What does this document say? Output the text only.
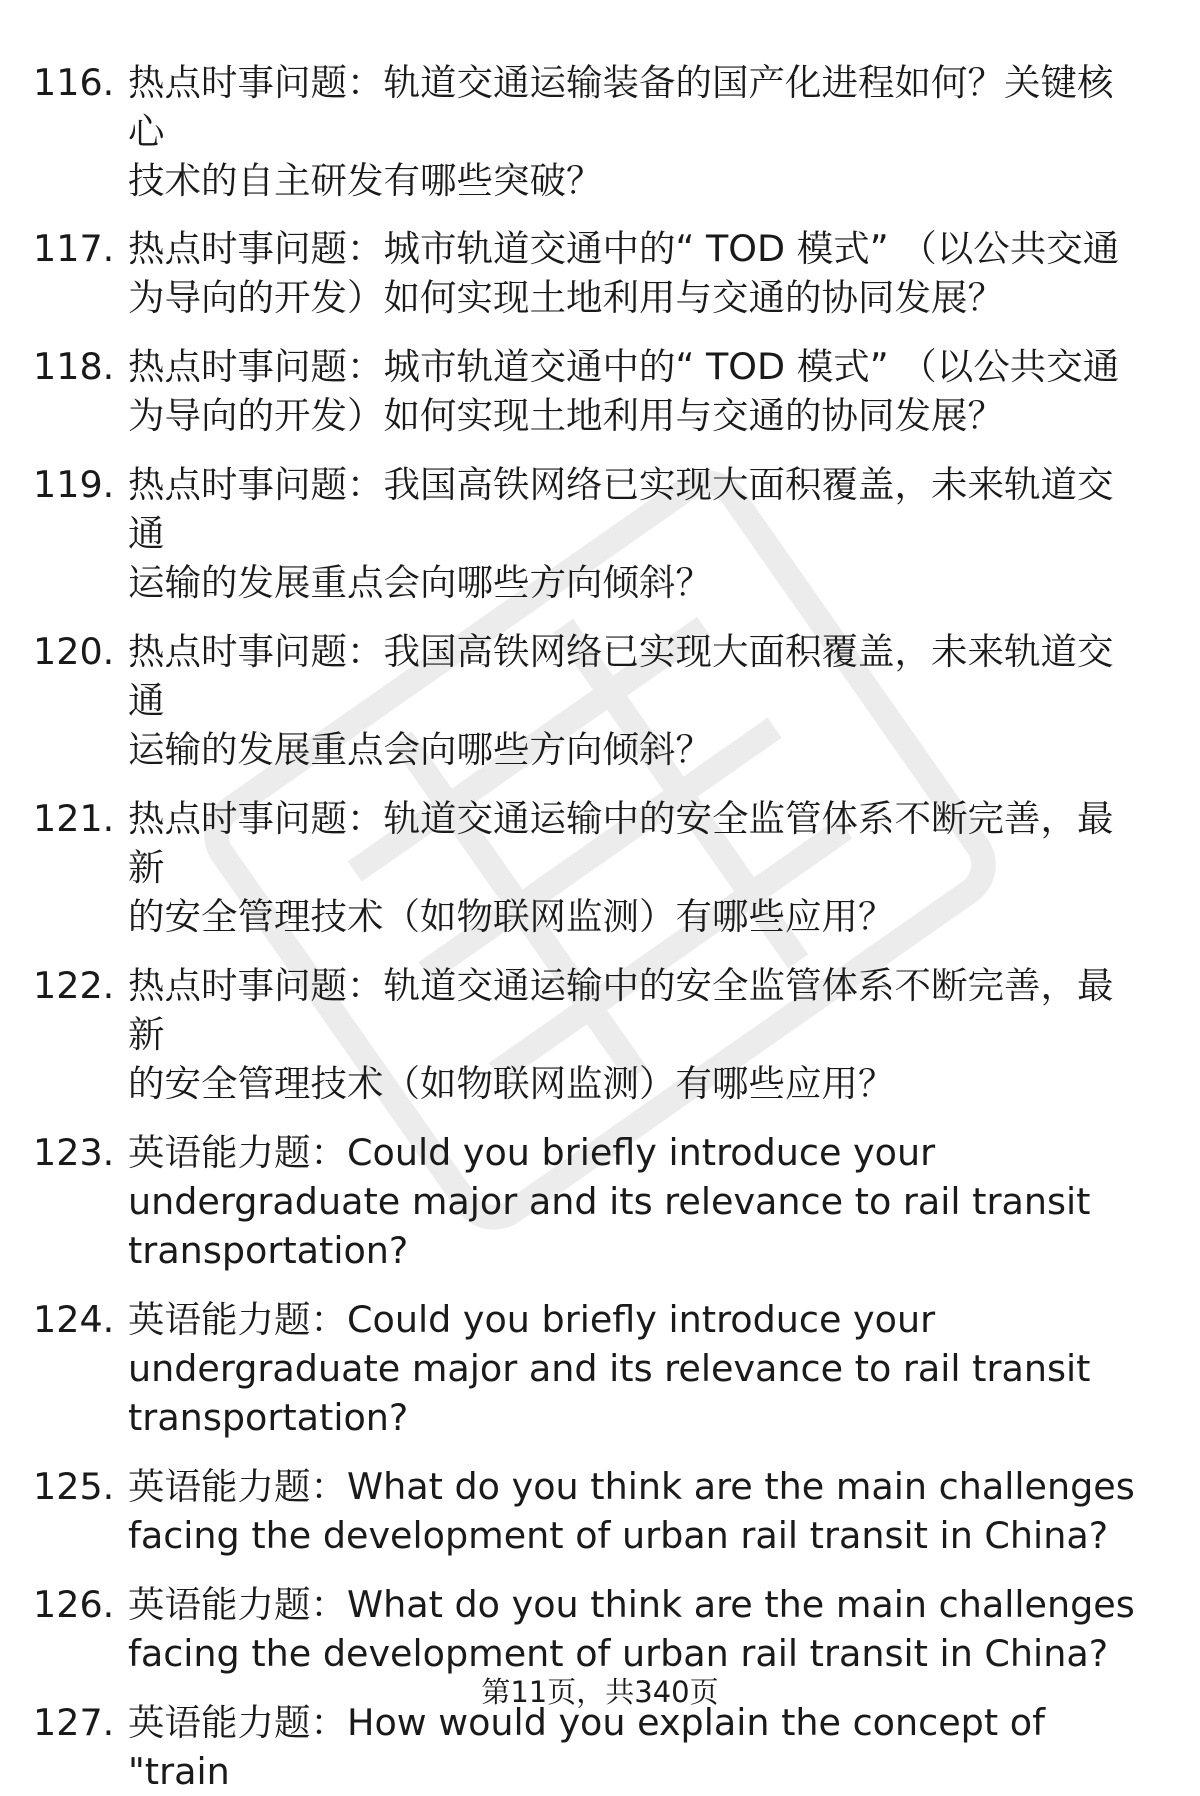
116. 热点时事问题：轨道交通运输装备的国产化进程如何？关键核心
技术的自主研发有哪些突破？
117. 热点时事问题：城市轨道交通中的“ TOD 模式” （以公共交通
为导向的开发）如何实现土地利用与交通的协同发展？
118. 热点时事问题：城市轨道交通中的“ TOD 模式” （以公共交通
为导向的开发）如何实现土地利用与交通的协同发展？
119. 热点时事问题：我国高铁网络已实现大面积覆盖，未来轨道交通
运输的发展重点会向哪些方向倾斜？
120. 热点时事问题：我国高铁网络已实现大面积覆盖，未来轨道交通
运输的发展重点会向哪些方向倾斜？
121. 热点时事问题：轨道交通运输中的安全监管体系不断完善，最新
的安全管理技术（如物联网监测）有哪些应用？
122. 热点时事问题：轨道交通运输中的安全监管体系不断完善，最新
的安全管理技术（如物联网监测）有哪些应用？
123. 英语能力题：Could you briefly introduce your
undergraduate major and its relevance to rail transit
transportation?
124. 英语能力题：Could you briefly introduce your
undergraduate major and its relevance to rail transit
transportation?
125. 英语能力题：What do you think are the main challenges
facing the development of urban rail transit in China?
126. 英语能力题：What do you think are the main challenges
facing the development of urban rail transit in China?
127. 英语能力题：How would you explain the concept of "train
第11页，共340页
